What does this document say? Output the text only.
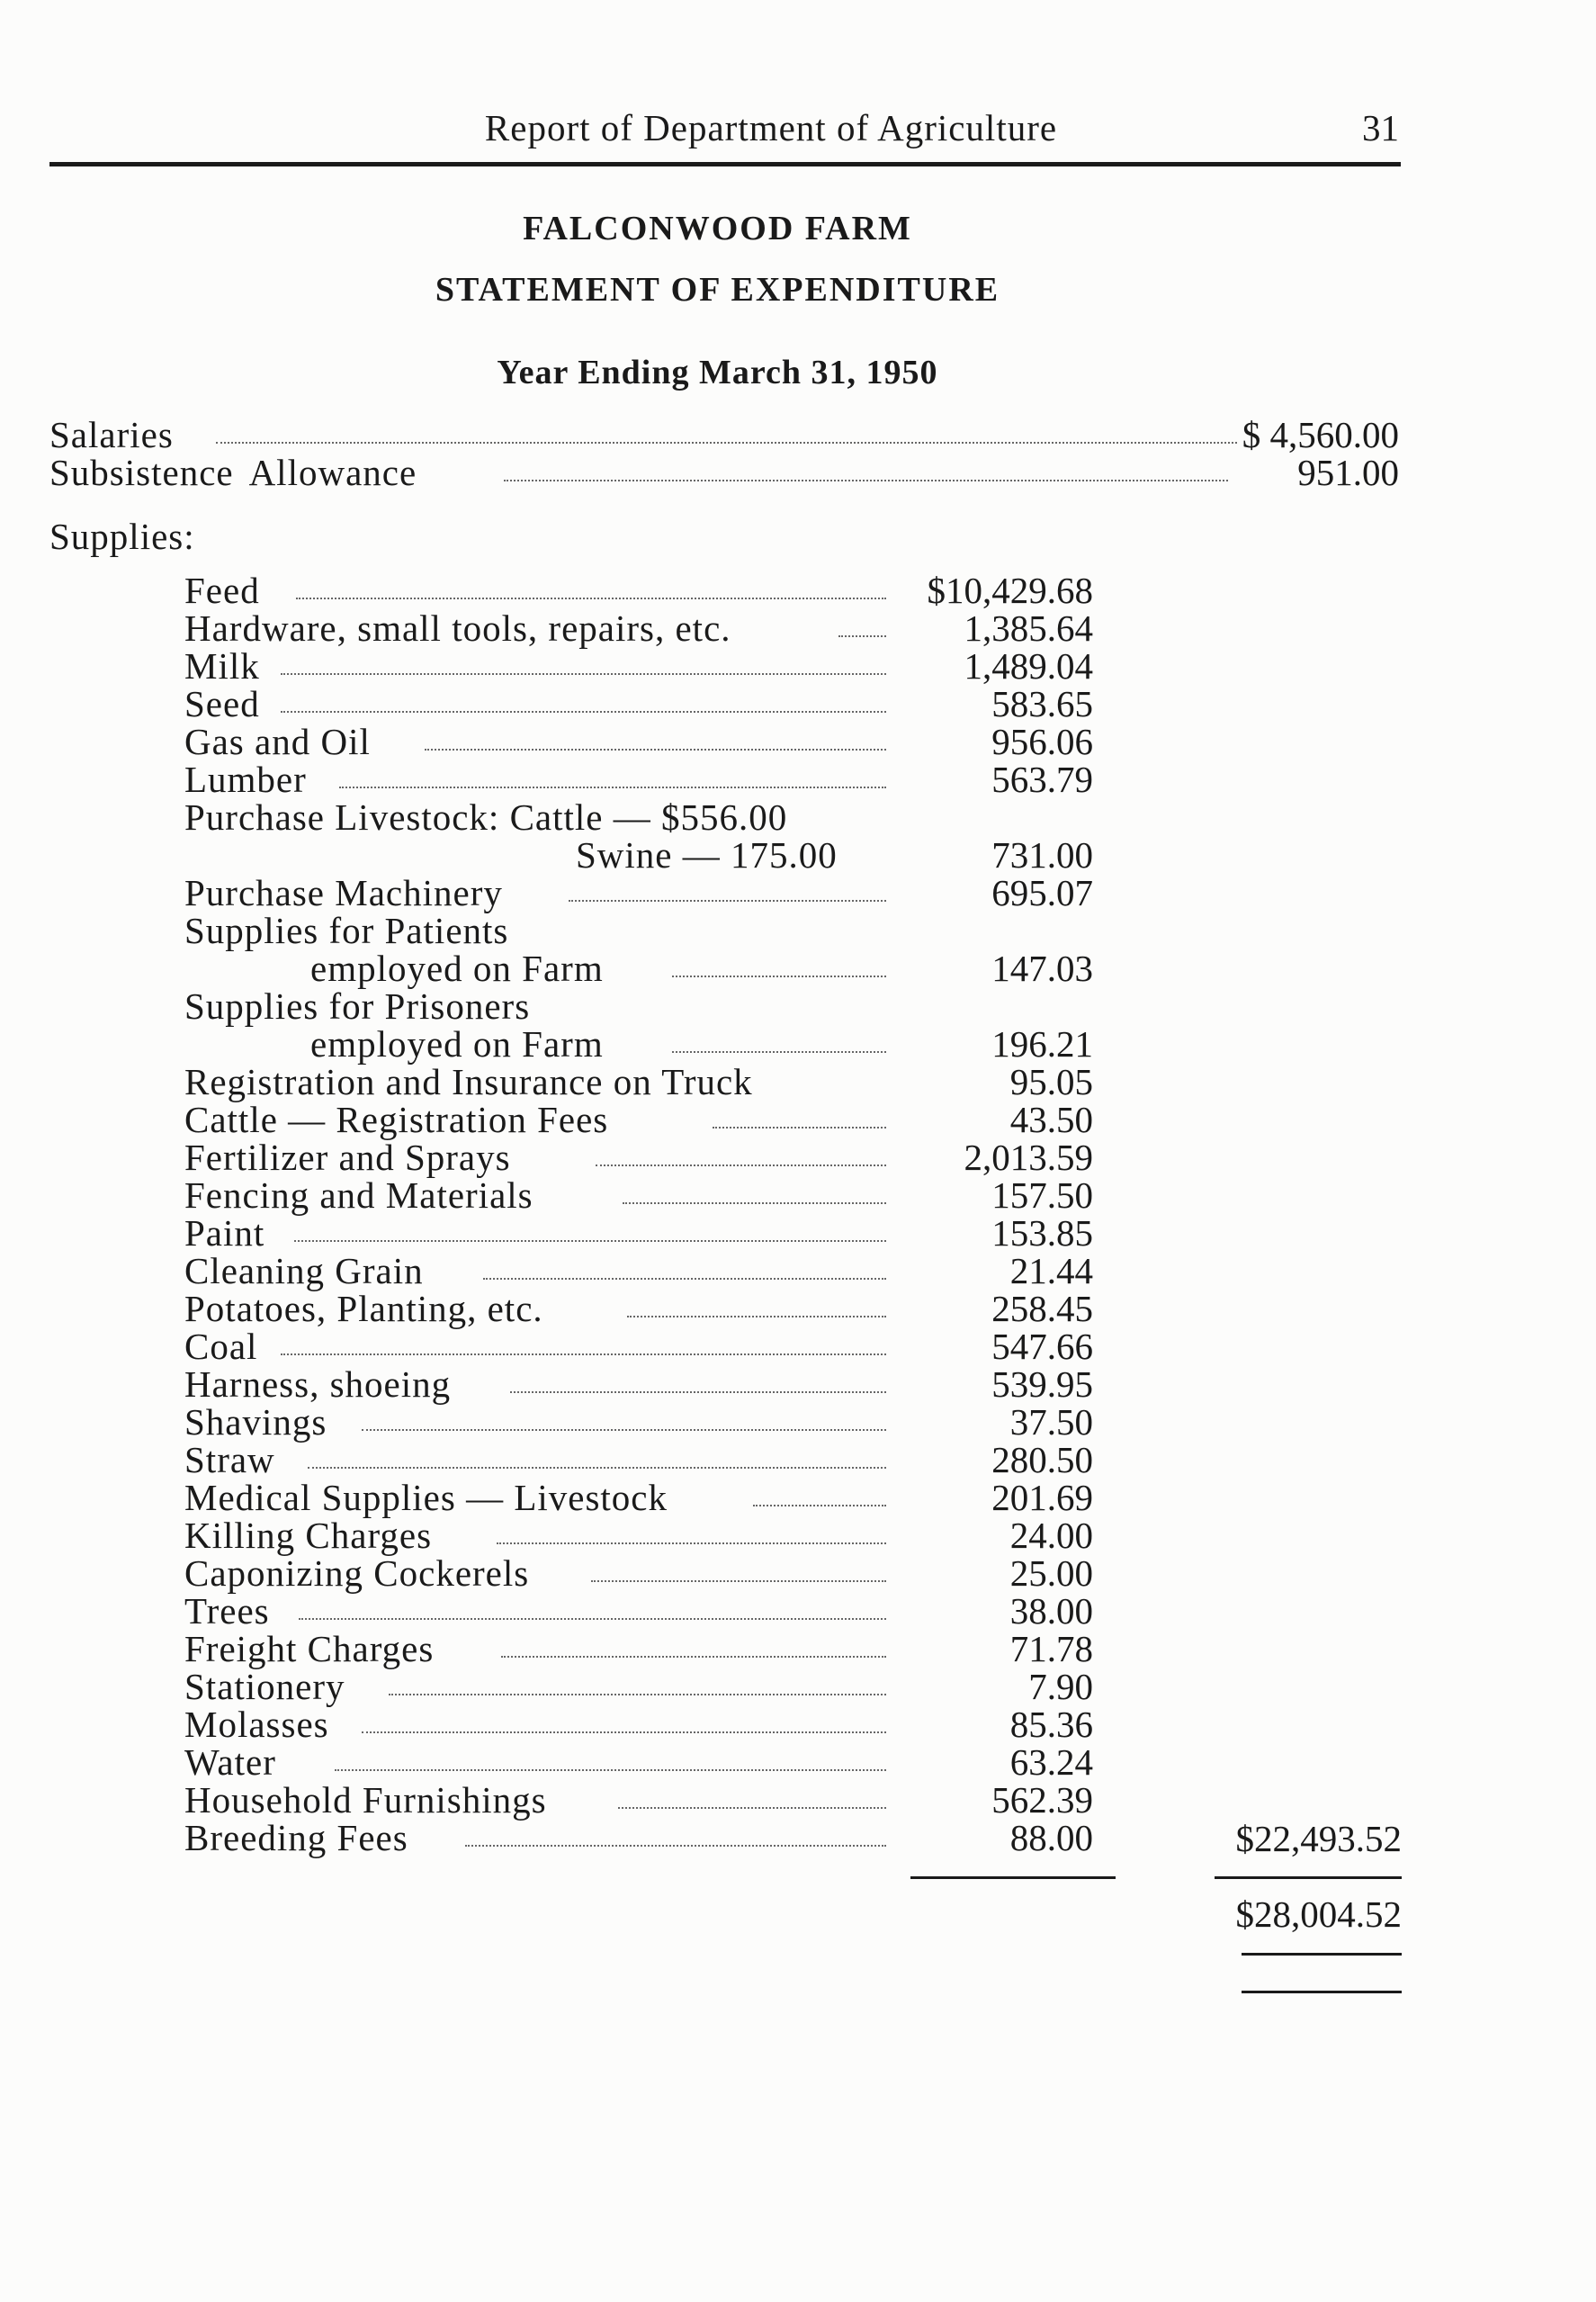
Report of Department of Agriculture	31
FALCONWOOD FARM
STATEMENT OF EXPENDITURE
Year Ending March 31, 1950
Salaries	$ 4,560.00
Subsistence Allowance	951.00
Supplies:
Feed	$10,429.68
Hardware, small tools, repairs, etc.	1,385.64
Milk	1,489.04
Seed	583.65
Gas and Oil	956.06
Lumber	563.79
Purchase Livestock: Cattle — $556.00
Swine — 175.00	731.00
Purchase Machinery	695.07
Supplies for Patients
employed on Farm	147.03
Supplies for Prisoners
employed on Farm	196.21
Registration and Insurance on Truck	95.05
Cattle — Registration Fees	43.50
Fertilizer and Sprays	2,013.59
Fencing and Materials	157.50
Paint	153.85
Cleaning Grain	21.44
Potatoes, Planting, etc.	258.45
Coal	547.66
Harness, shoeing	539.95
Shavings	37.50
Straw	280.50
Medical Supplies — Livestock	201.69
Killing Charges	24.00
Caponizing Cockerels	25.00
Trees	38.00
Freight Charges	71.78
Stationery	7.90
Molasses	85.36
Water	63.24
Household Furnishings	562.39
Breeding Fees	88.00	$22,493.52
$28,004.52
